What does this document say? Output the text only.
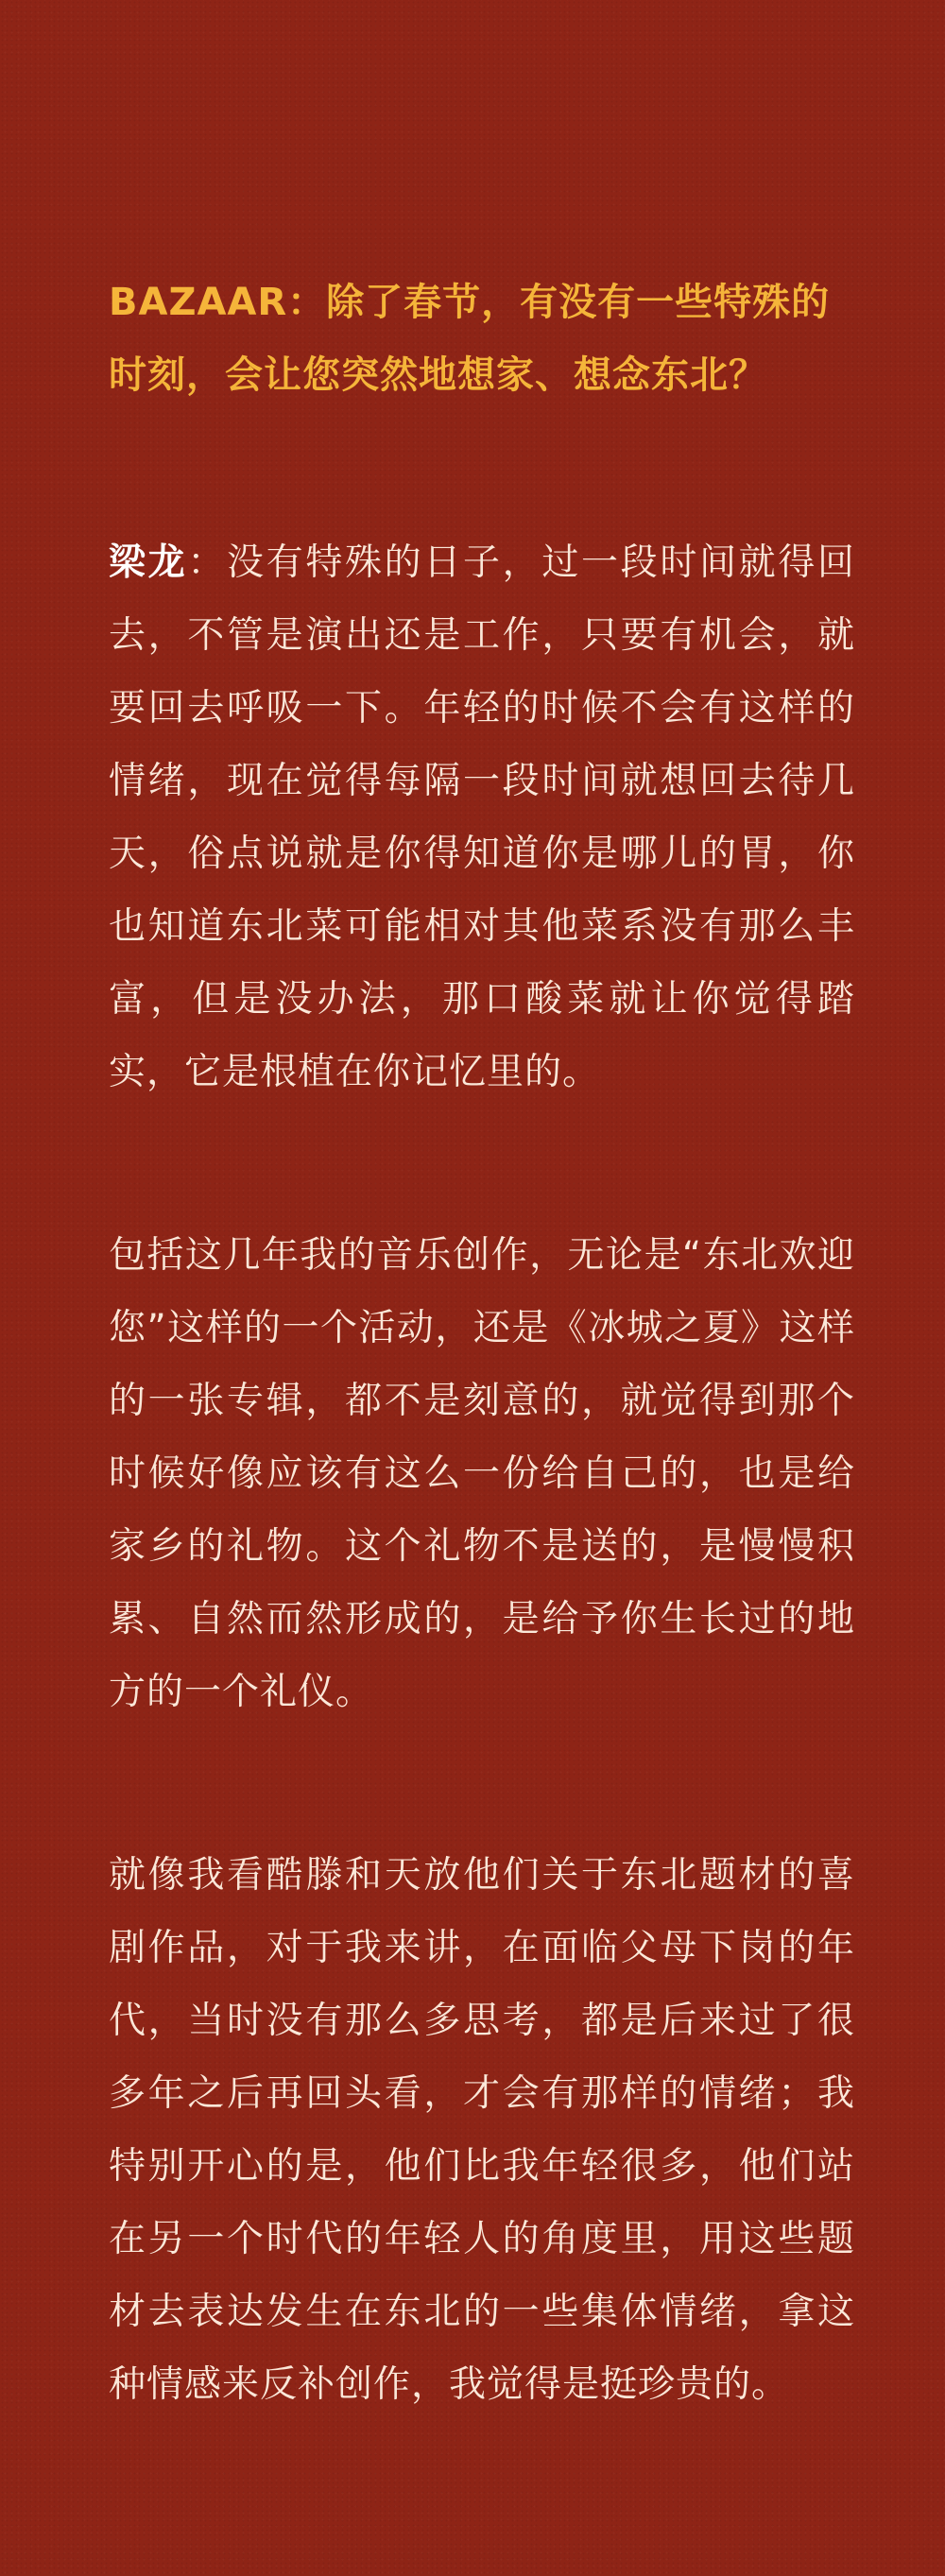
BAZAAR：除了春节，有没有一些特殊的时刻，会让您突然地想家、想念东北？

梁龙：没有特殊的日子，过一段时间就得回去，不管是演出还是工作，只要有机会，就要回去呼吸一下。年轻的时候不会有这样的情绪，现在觉得每隔一段时间就想回去待几天，俗点说就是你得知道你是哪儿的胃，你也知道东北菜可能相对其他菜系没有那么丰富，但是没办法，那口酸菜就让你觉得踏实，它是根植在你记忆里的。

包括这几年我的音乐创作，无论是“东北欢迎您”这样的一个活动，还是《冰城之夏》这样的一张专辑，都不是刻意的，就觉得到那个时候好像应该有这么一份给自己的，也是给家乡的礼物。这个礼物不是送的，是慢慢积累、自然而然形成的，是给予你生长过的地方的一个礼仪。

就像我看酷滕和天放他们关于东北题材的喜剧作品，对于我来讲，在面临父母下岗的年代，当时没有那么多思考，都是后来过了很多年之后再回头看，才会有那样的情绪；我特别开心的是，他们比我年轻很多，他们站在另一个时代的年轻人的角度里，用这些题材去表达发生在东北的一些集体情绪，拿这种情感来反补创作，我觉得是挺珍贵的。
